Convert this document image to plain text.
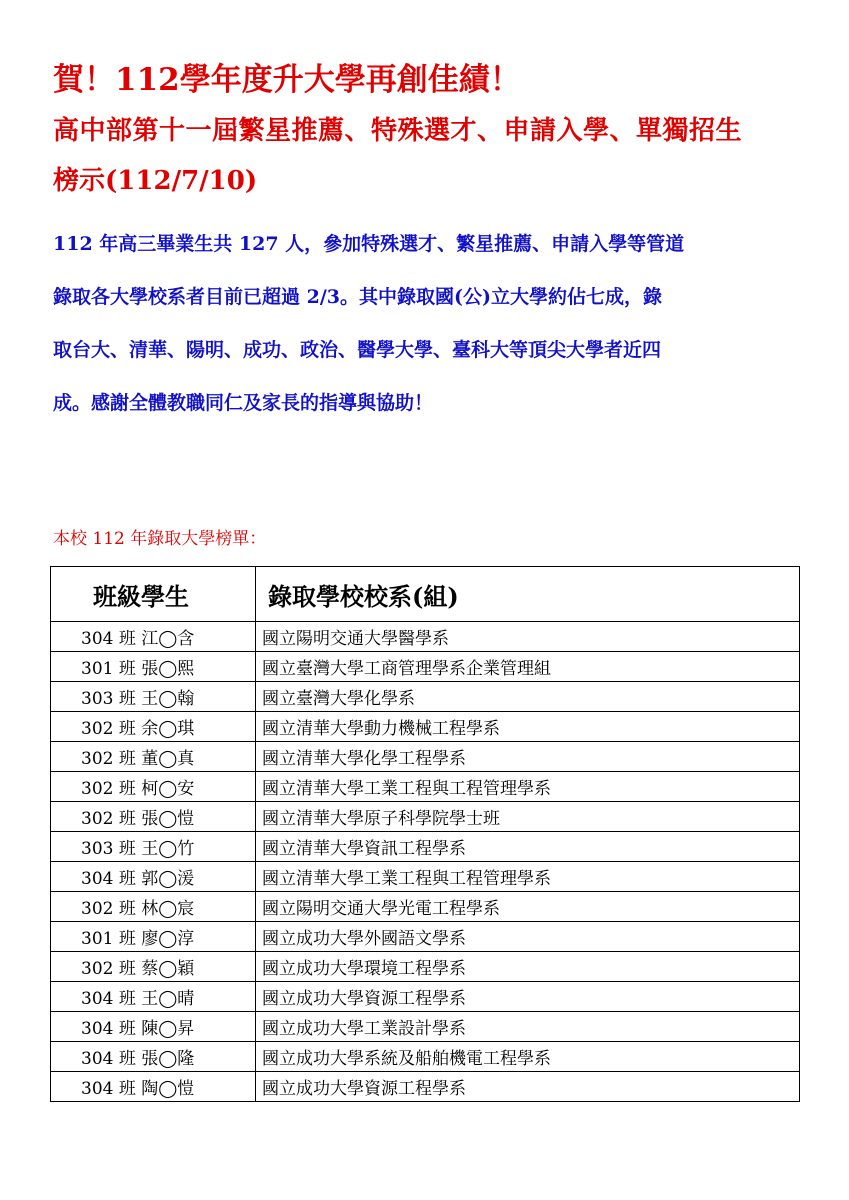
賀！112學年度升大學再創佳績！
高中部第十一屆繁星推薦、特殊選才、申請入學、單獨招生
榜示(112/7/10)
112 年高三畢業生共 127 人，參加特殊選才、繁星推薦、申請入學等管道
錄取各大學校系者目前已超過 2/3。其中錄取國(公)立大學約佔七成，錄
取台大、清華、陽明、成功、政治、醫學大學、臺科大等頂尖大學者近四
成。感謝全體教職同仁及家長的指導與協助！
本校 112 年錄取大學榜單：
班級學生	錄取學校校系(組)
304 班 江◯含	國立陽明交通大學醫學系
301 班 張◯熙	國立臺灣大學工商管理學系企業管理組
303 班 王◯翰	國立臺灣大學化學系
302 班 余◯琪	國立清華大學動力機械工程學系
302 班 董◯真	國立清華大學化學工程學系
302 班 柯◯安	國立清華大學工業工程與工程管理學系
302 班 張◯愷	國立清華大學原子科學院學士班
303 班 王◯竹	國立清華大學資訊工程學系
304 班 郭◯湲	國立清華大學工業工程與工程管理學系
302 班 林◯宸	國立陽明交通大學光電工程學系
301 班 廖◯淳	國立成功大學外國語文學系
302 班 蔡◯穎	國立成功大學環境工程學系
304 班 王◯晴	國立成功大學資源工程學系
304 班 陳◯昇	國立成功大學工業設計學系
304 班 張◯隆	國立成功大學系統及船舶機電工程學系
304 班 陶◯愷	國立成功大學資源工程學系
